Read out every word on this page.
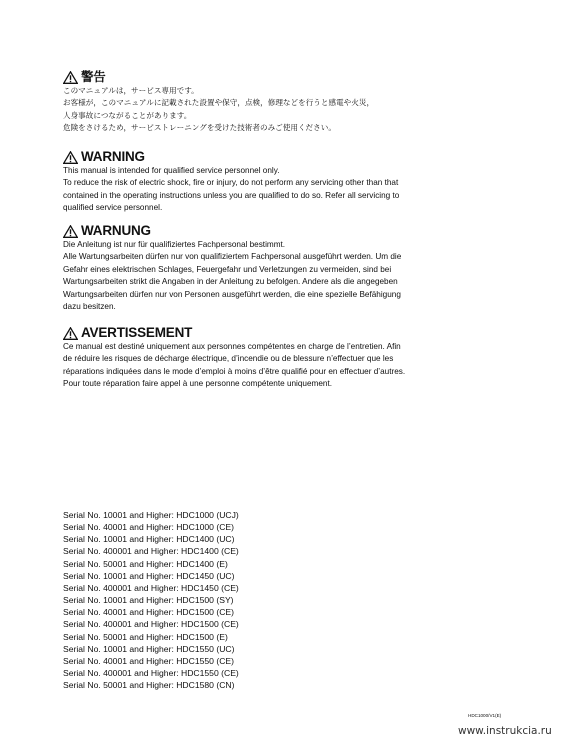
警告
このマニュアルは，サービス専用です。
お客様が，このマニュアルに記載された設置や保守，点検，修理などを行うと感電や火災，
人身事故につながることがあります。
危険をさけるため，サービストレーニングを受けた技術者のみご使用ください。
WARNING
This manual is intended for qualified service personnel only.
To reduce the risk of electric shock, fire or injury, do not perform any servicing other than that
contained in the operating instructions unless you are qualified to do so. Refer all servicing to
qualified service personnel.
WARNUNG
Die Anleitung ist nur für qualifiziertes Fachpersonal bestimmt.
Alle Wartungsarbeiten dürfen nur von qualifiziertem Fachpersonal ausgeführt werden. Um die
Gefahr eines elektrischen Schlages, Feuergefahr und Verletzungen zu vermeiden, sind bei
Wartungsarbeiten strikt die Angaben in der Anleitung zu befolgen. Andere als die angegeben
Wartungsarbeiten dürfen nur von Personen ausgeführt werden, die eine spezielle Befähigung
dazu besitzen.
AVERTISSEMENT
Ce manual est destiné uniquement aux personnes compétentes en charge de l’entretien. Afin
de réduire les risques de décharge électrique, d’incendie ou de blessure n’effectuer que les
réparations indiquées dans le mode d’emploi à moins d’être qualifié pour en effectuer d’autres.
Pour toute réparation faire appel à une personne compétente uniquement.
Serial No. 10001 and Higher: HDC1000 (UCJ)
Serial No. 40001 and Higher: HDC1000 (CE)
Serial No. 10001 and Higher: HDC1400 (UC)
Serial No. 400001 and Higher: HDC1400 (CE)
Serial No. 50001 and Higher: HDC1400 (E)
Serial No. 10001 and Higher: HDC1450 (UC)
Serial No. 400001 and Higher: HDC1450 (CE)
Serial No. 10001 and Higher: HDC1500 (SY)
Serial No. 40001 and Higher: HDC1500 (CE)
Serial No. 400001 and Higher: HDC1500 (CE)
Serial No. 50001 and Higher: HDC1500 (E)
Serial No. 10001 and Higher: HDC1550 (UC)
Serial No. 40001 and Higher: HDC1550 (CE)
Serial No. 400001 and Higher: HDC1550 (CE)
Serial No. 50001 and Higher: HDC1580 (CN)
HDC1000/V1(E)
www.instrukcia.ru
